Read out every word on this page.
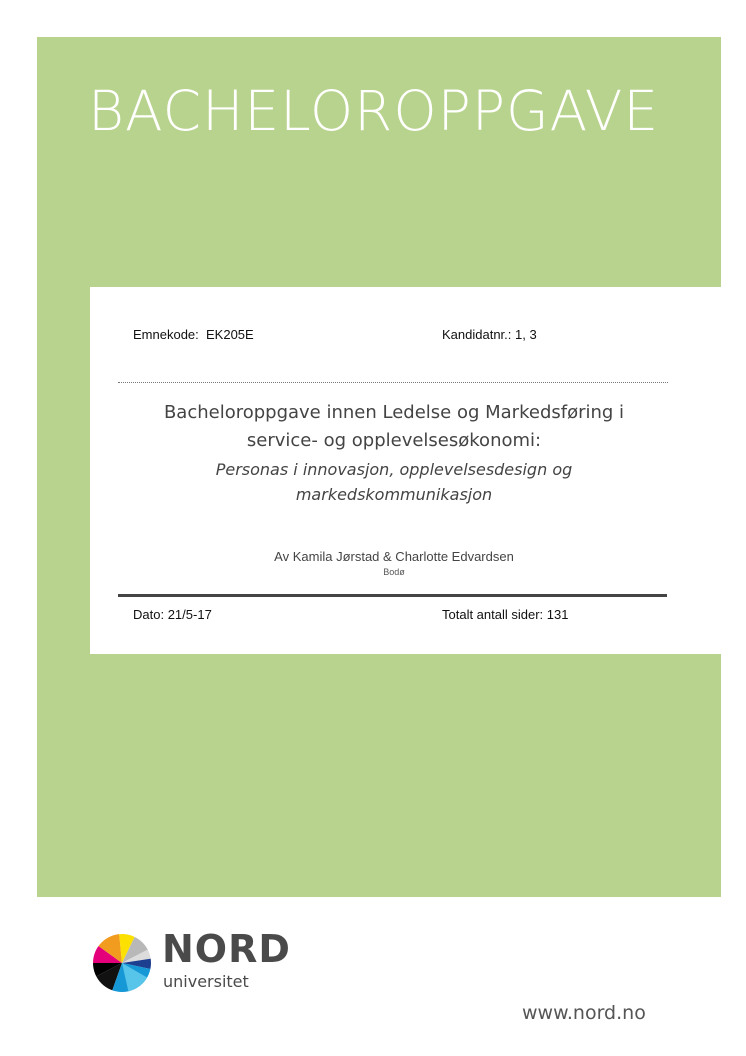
BACHELOROPPGAVE
Emnekode: EK205E	Kandidatnr.: 1, 3

Bacheloroppgave innen Ledelse og Markedsføring i

service- og opplevelsesøkonomi:

Personas i innovasjon, opplevelsesdesign og

markedskommunikasjon

Av Kamila Jørstad & Charlotte Edvardsen
Bodø
Dato: 21/5-17	Totalt antall sider: 131

NORD

universitet
www.nord.no
